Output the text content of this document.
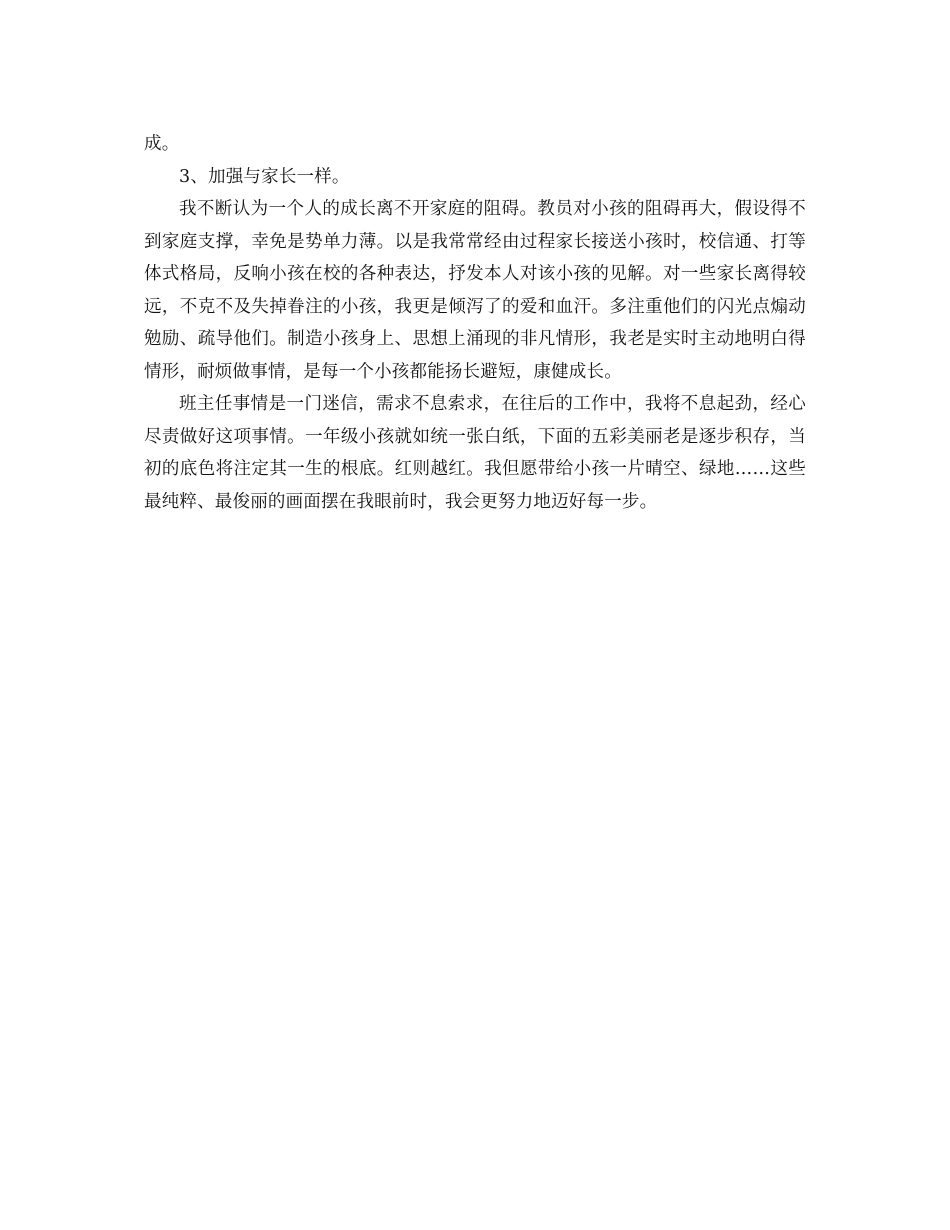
成。

3、加强与家长一样。

我不断认为一个人的成长离不开家庭的阻碍。教员对小孩的阻碍再大，假设得不到家庭支撑，幸免是势单力薄。以是我常常经由过程家长接送小孩时，校信通、打等体式格局，反响小孩在校的各种表达，抒发本人对该小孩的见解。对一些家长离得较远，不克不及失掉眷注的小孩，我更是倾泻了的爱和血汗。多注重他们的闪光点煽动勉励、疏导他们。制造小孩身上、思想上涌现的非凡情形，我老是实时主动地明白得情形，耐烦做事情，是每一个小孩都能扬长避短，康健成长。

班主任事情是一门迷信，需求不息索求，在往后的工作中，我将不息起劲，经心尽责做好这项事情。一年级小孩就如统一张白纸，下面的五彩美丽老是逐步积存，当初的底色将注定其一生的根底。红则越红。我但愿带给小孩一片晴空、绿地……这些最纯粹、最俊丽的画面摆在我眼前时，我会更努力地迈好每一步。
